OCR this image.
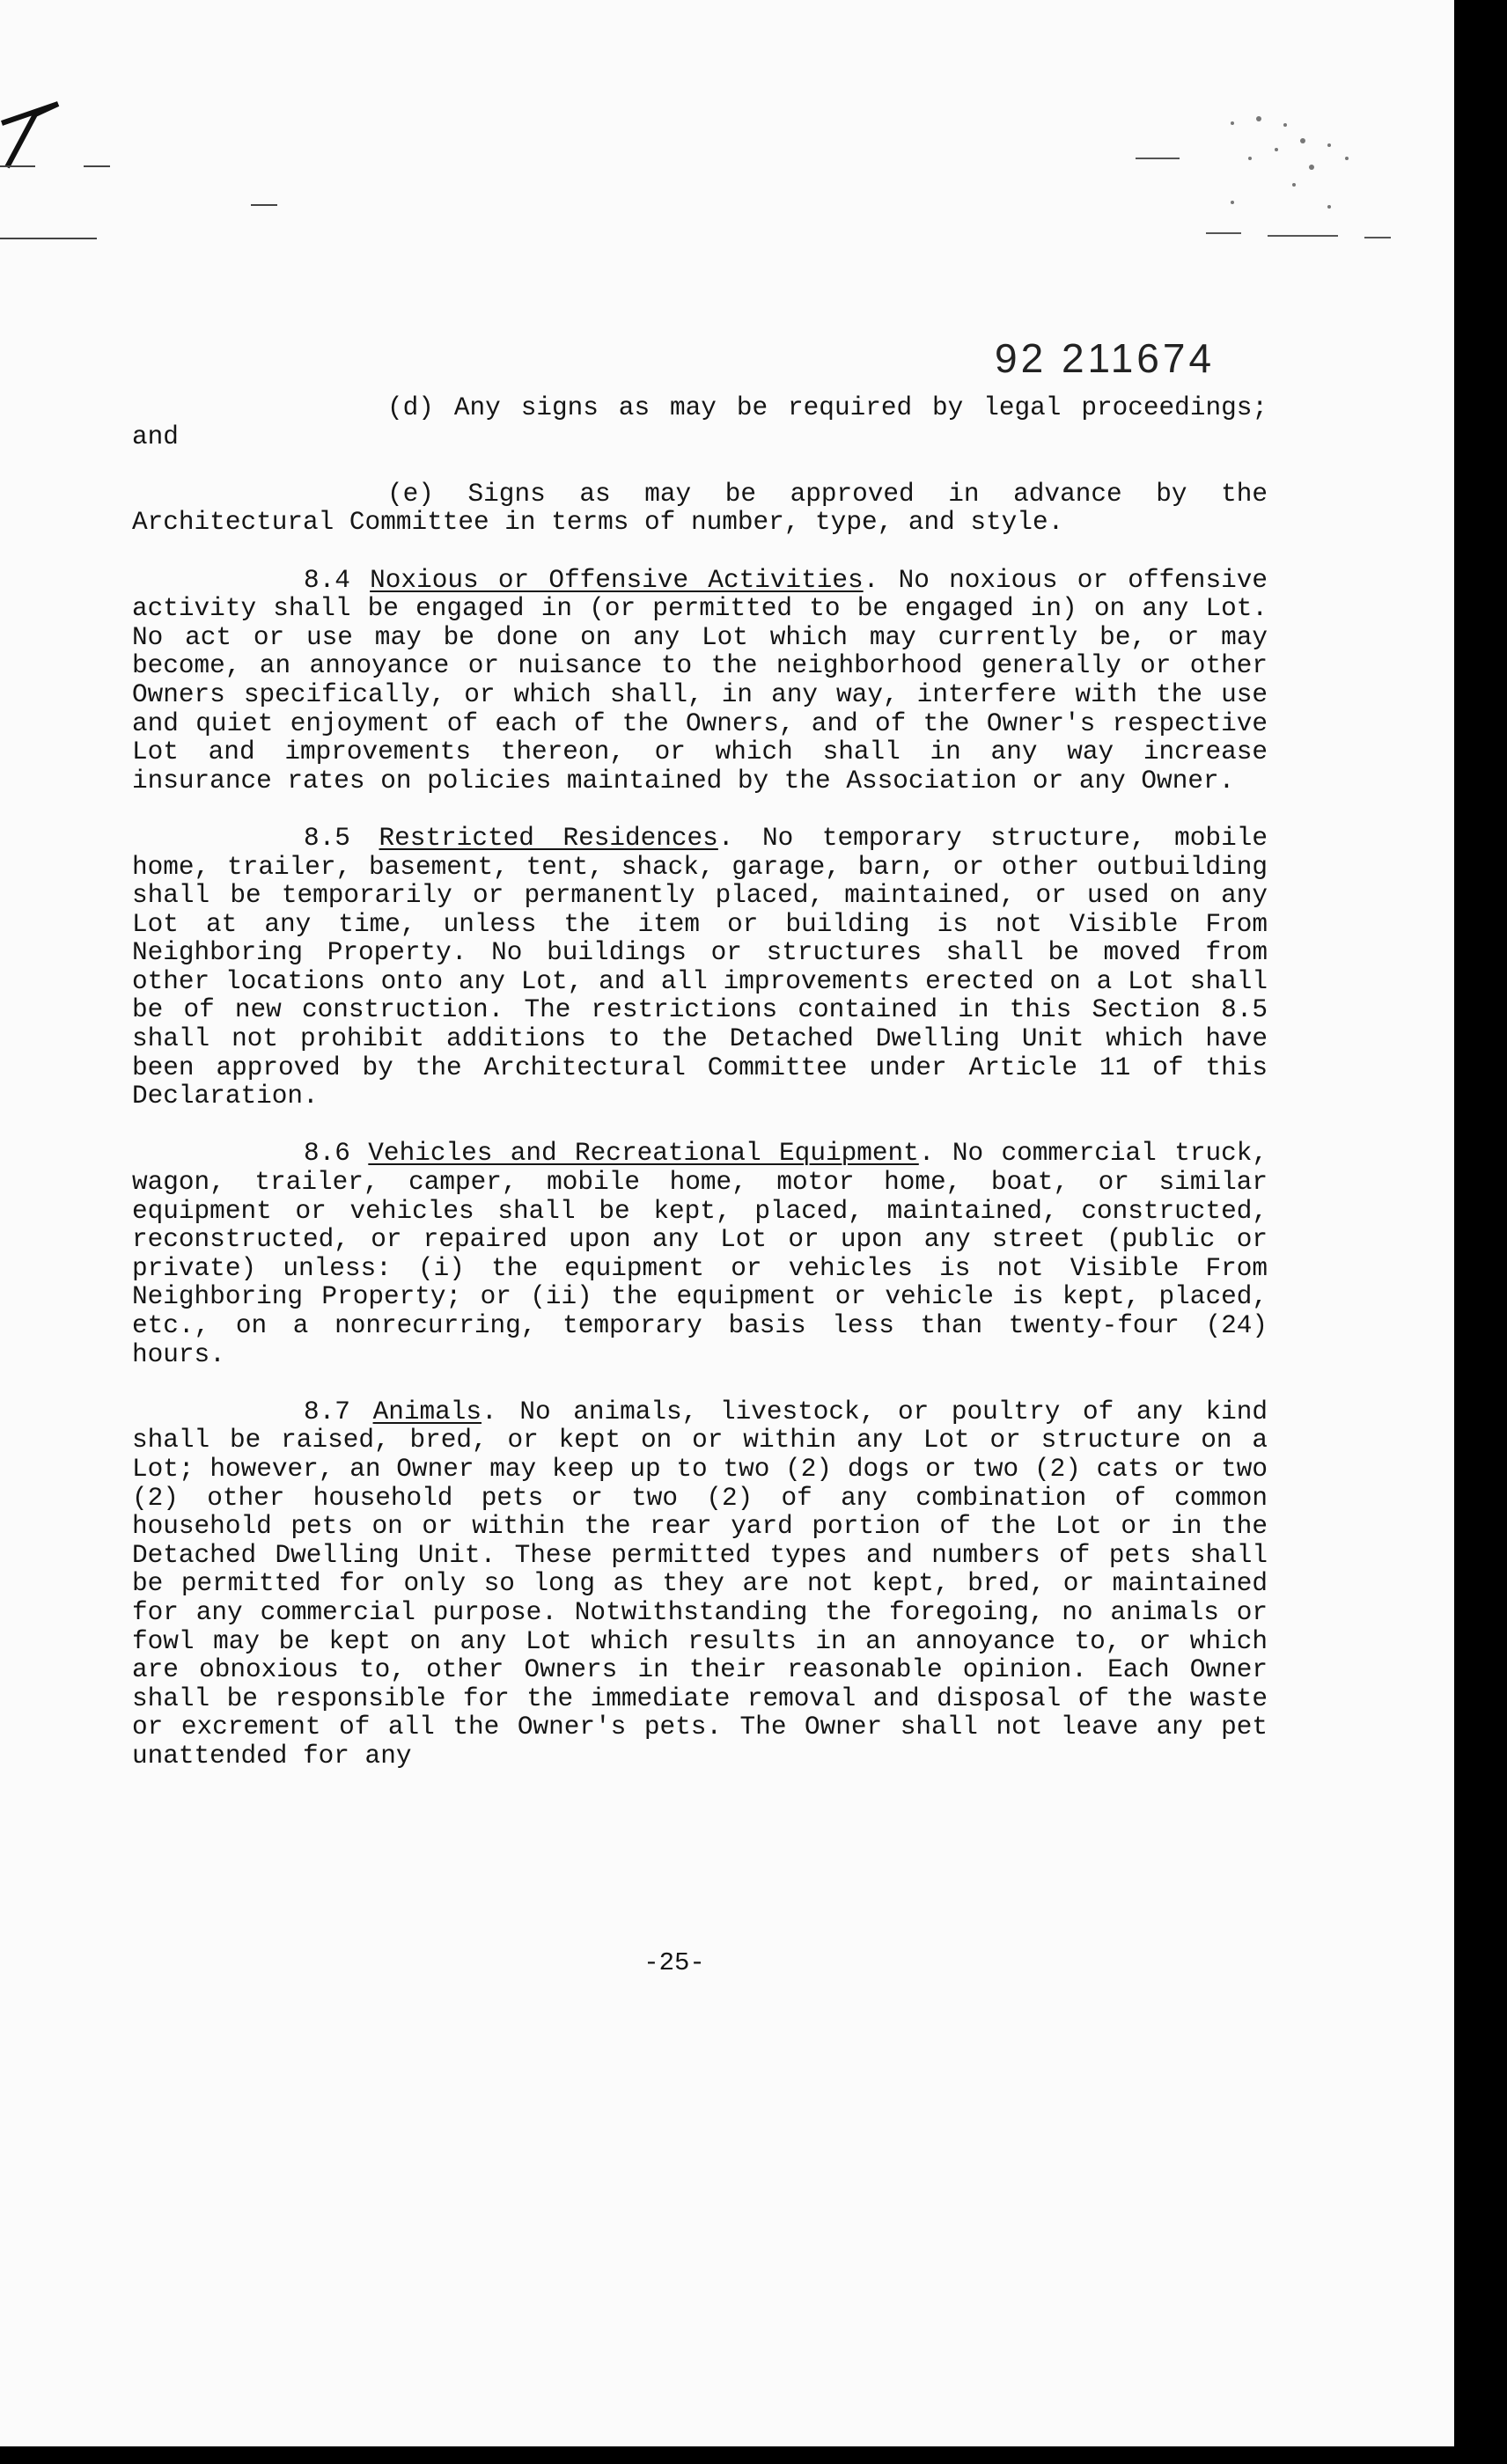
92 211674

(d) Any signs as may be required by legal proceedings; and

(e) Signs as may be approved in advance by the Architectural Committee in terms of number, type, and style.

8.4 Noxious or Offensive Activities. No noxious or offensive activity shall be engaged in (or permitted to be engaged in) on any Lot. No act or use may be done on any Lot which may currently be, or may become, an annoyance or nuisance to the neighborhood generally or other Owners specifically, or which shall, in any way, interfere with the use and quiet enjoyment of each of the Owners, and of the Owner's respective Lot and improvements thereon, or which shall in any way increase insurance rates on policies maintained by the Association or any Owner.

8.5 Restricted Residences. No temporary structure, mobile home, trailer, basement, tent, shack, garage, barn, or other outbuilding shall be temporarily or permanently placed, maintained, or used on any Lot at any time, unless the item or building is not Visible From Neighboring Property. No buildings or structures shall be moved from other locations onto any Lot, and all improvements erected on a Lot shall be of new construction. The restrictions contained in this Section 8.5 shall not prohibit additions to the Detached Dwelling Unit which have been approved by the Architectural Committee under Article 11 of this Declaration.

8.6 Vehicles and Recreational Equipment. No commercial truck, wagon, trailer, camper, mobile home, motor home, boat, or similar equipment or vehicles shall be kept, placed, maintained, constructed, reconstructed, or repaired upon any Lot or upon any street (public or private) unless: (i) the equipment or vehicles is not Visible From Neighboring Property; or (ii) the equipment or vehicle is kept, placed, etc., on a nonrecurring, temporary basis less than twenty-four (24) hours.

8.7 Animals. No animals, livestock, or poultry of any kind shall be raised, bred, or kept on or within any Lot or structure on a Lot; however, an Owner may keep up to two (2) dogs or two (2) cats or two (2) other household pets or two (2) of any combination of common household pets on or within the rear yard portion of the Lot or in the Detached Dwelling Unit. These permitted types and numbers of pets shall be permitted for only so long as they are not kept, bred, or maintained for any commercial purpose. Notwithstanding the foregoing, no animals or fowl may be kept on any Lot which results in an annoyance to, or which are obnoxious to, other Owners in their reasonable opinion. Each Owner shall be responsible for the immediate removal and disposal of the waste or excrement of all the Owner's pets. The Owner shall not leave any pet unattended for any

-25-
